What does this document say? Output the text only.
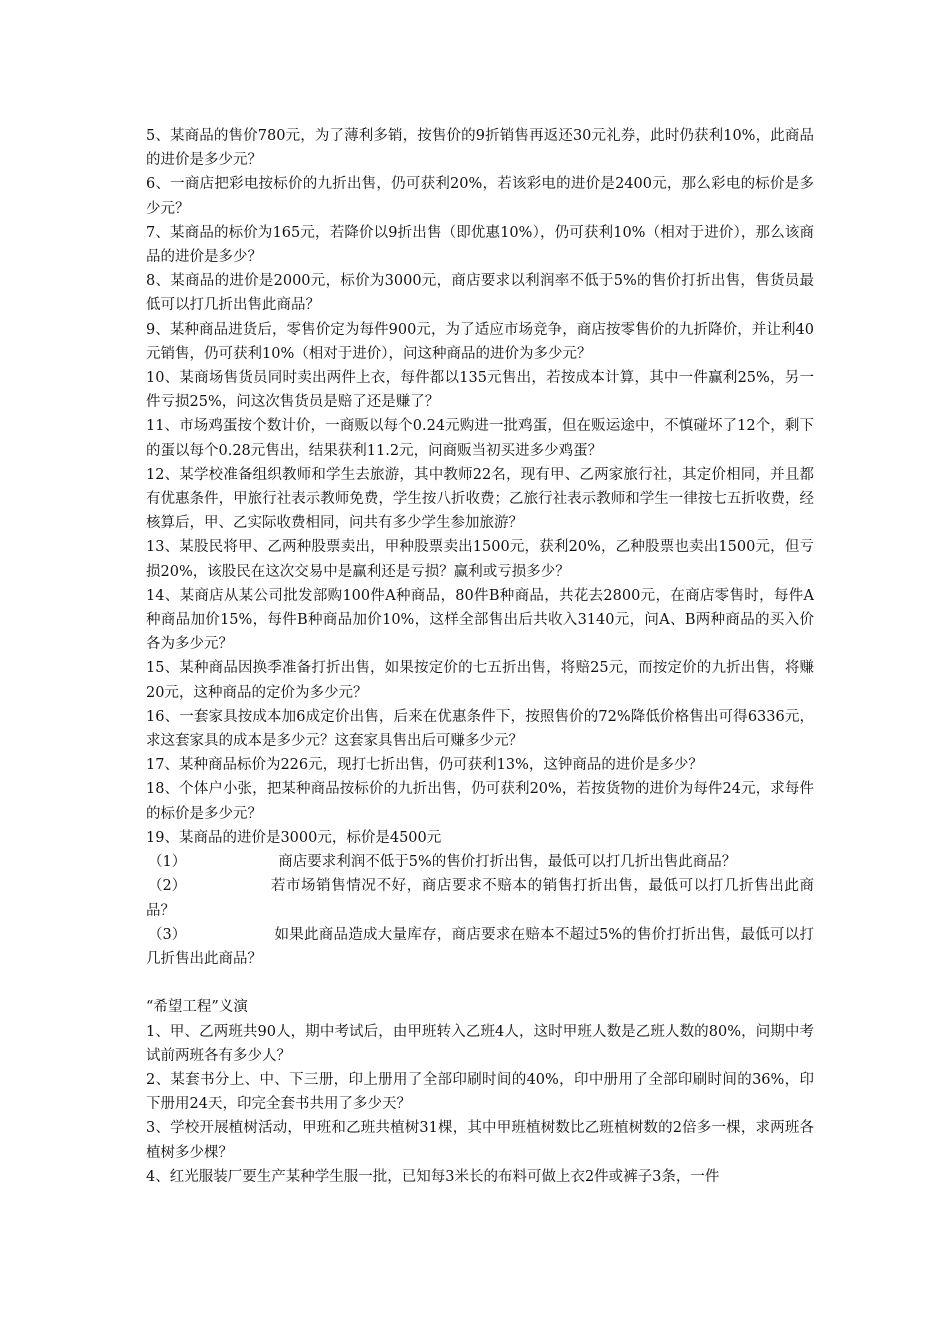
5、某商品的售价780元，为了薄利多销，按售价的9折销售再返还30元礼券，此时仍获利10%，此商品的进价是多少元？

6、一商店把彩电按标价的九折出售，仍可获利20%，若该彩电的进价是2400元，那么彩电的标价是多少元？

7、某商品的标价为165元，若降价以9折出售（即优惠10%），仍可获利10%（相对于进价），那么该商品的进价是多少？

8、某商品的进价是2000元，标价为3000元，商店要求以利润率不低于5%的售价打折出售，售货员最低可以打几折出售此商品？

9、某种商品进货后，零售价定为每件900元，为了适应市场竞争，商店按零售价的九折降价，并让利40元销售，仍可获利10%（相对于进价），问这种商品的进价为多少元？

10、某商场售货员同时卖出两件上衣，每件都以135元售出，若按成本计算，其中一件赢利25%，另一件亏损25%，问这次售货员是赔了还是赚了？

11、市场鸡蛋按个数计价，一商贩以每个0.24元购进一批鸡蛋，但在贩运途中，不慎碰坏了12个，剩下的蛋以每个0.28元售出，结果获利11.2元，问商贩当初买进多少鸡蛋？

12、某学校准备组织教师和学生去旅游，其中教师22名，现有甲、乙两家旅行社，其定价相同，并且都有优惠条件，甲旅行社表示教师免费，学生按八折收费；乙旅行社表示教师和学生一律按七五折收费，经核算后，甲、乙实际收费相同，问共有多少学生参加旅游？

13、某股民将甲、乙两种股票卖出，甲种股票卖出1500元，获利20%，乙种股票也卖出1500元，但亏损20%，该股民在这次交易中是赢利还是亏损？赢利或亏损多少？

14、某商店从某公司批发部购100件A种商品，80件B种商品，共花去2800元，在商店零售时，每件A种商品加价15%，每件B种商品加价10%，这样全部售出后共收入3140元，问A、B两种商品的买入价各为多少元？

15、某种商品因换季准备打折出售，如果按定价的七五折出售，将赔25元，而按定价的九折出售，将赚20元，这种商品的定价为多少元？

16、一套家具按成本加6成定价出售，后来在优惠条件下，按照售价的72%降低价格售出可得6336元，求这套家具的成本是多少元？这套家具售出后可赚多少元？

17、某种商品标价为226元，现打七折出售，仍可获利13%，这钟商品的进价是多少？

18、个体户小张，把某种商品按标价的九折出售，仍可获利20%，若按货物的进价为每件24元，求每件的标价是多少元？

19、某商品的进价是3000元，标价是4500元

（1）	商店要求利润不低于5%的售价打折出售，最低可以打几折出售此商品？

（2）	若市场销售情况不好，商店要求不赔本的销售打折出售，最低可以打几折售出此商品？

（3）	如果此商品造成大量库存，商店要求在赔本不超过5%的售价打折出售，最低可以打几折售出此商品？

“希望工程”义演

1、甲、乙两班共90人，期中考试后，由甲班转入乙班4人，这时甲班人数是乙班人数的80%，问期中考试前两班各有多少人？

2、某套书分上、中、下三册，印上册用了全部印刷时间的40%，印中册用了全部印刷时间的36%，印下册用24天，印完全套书共用了多少天？

3、学校开展植树活动，甲班和乙班共植树31棵，其中甲班植树数比乙班植树数的2倍多一棵，求两班各植树多少棵？

4、红光服装厂要生产某种学生服一批，已知每3米长的布料可做上衣2件或裤子3条，一件
